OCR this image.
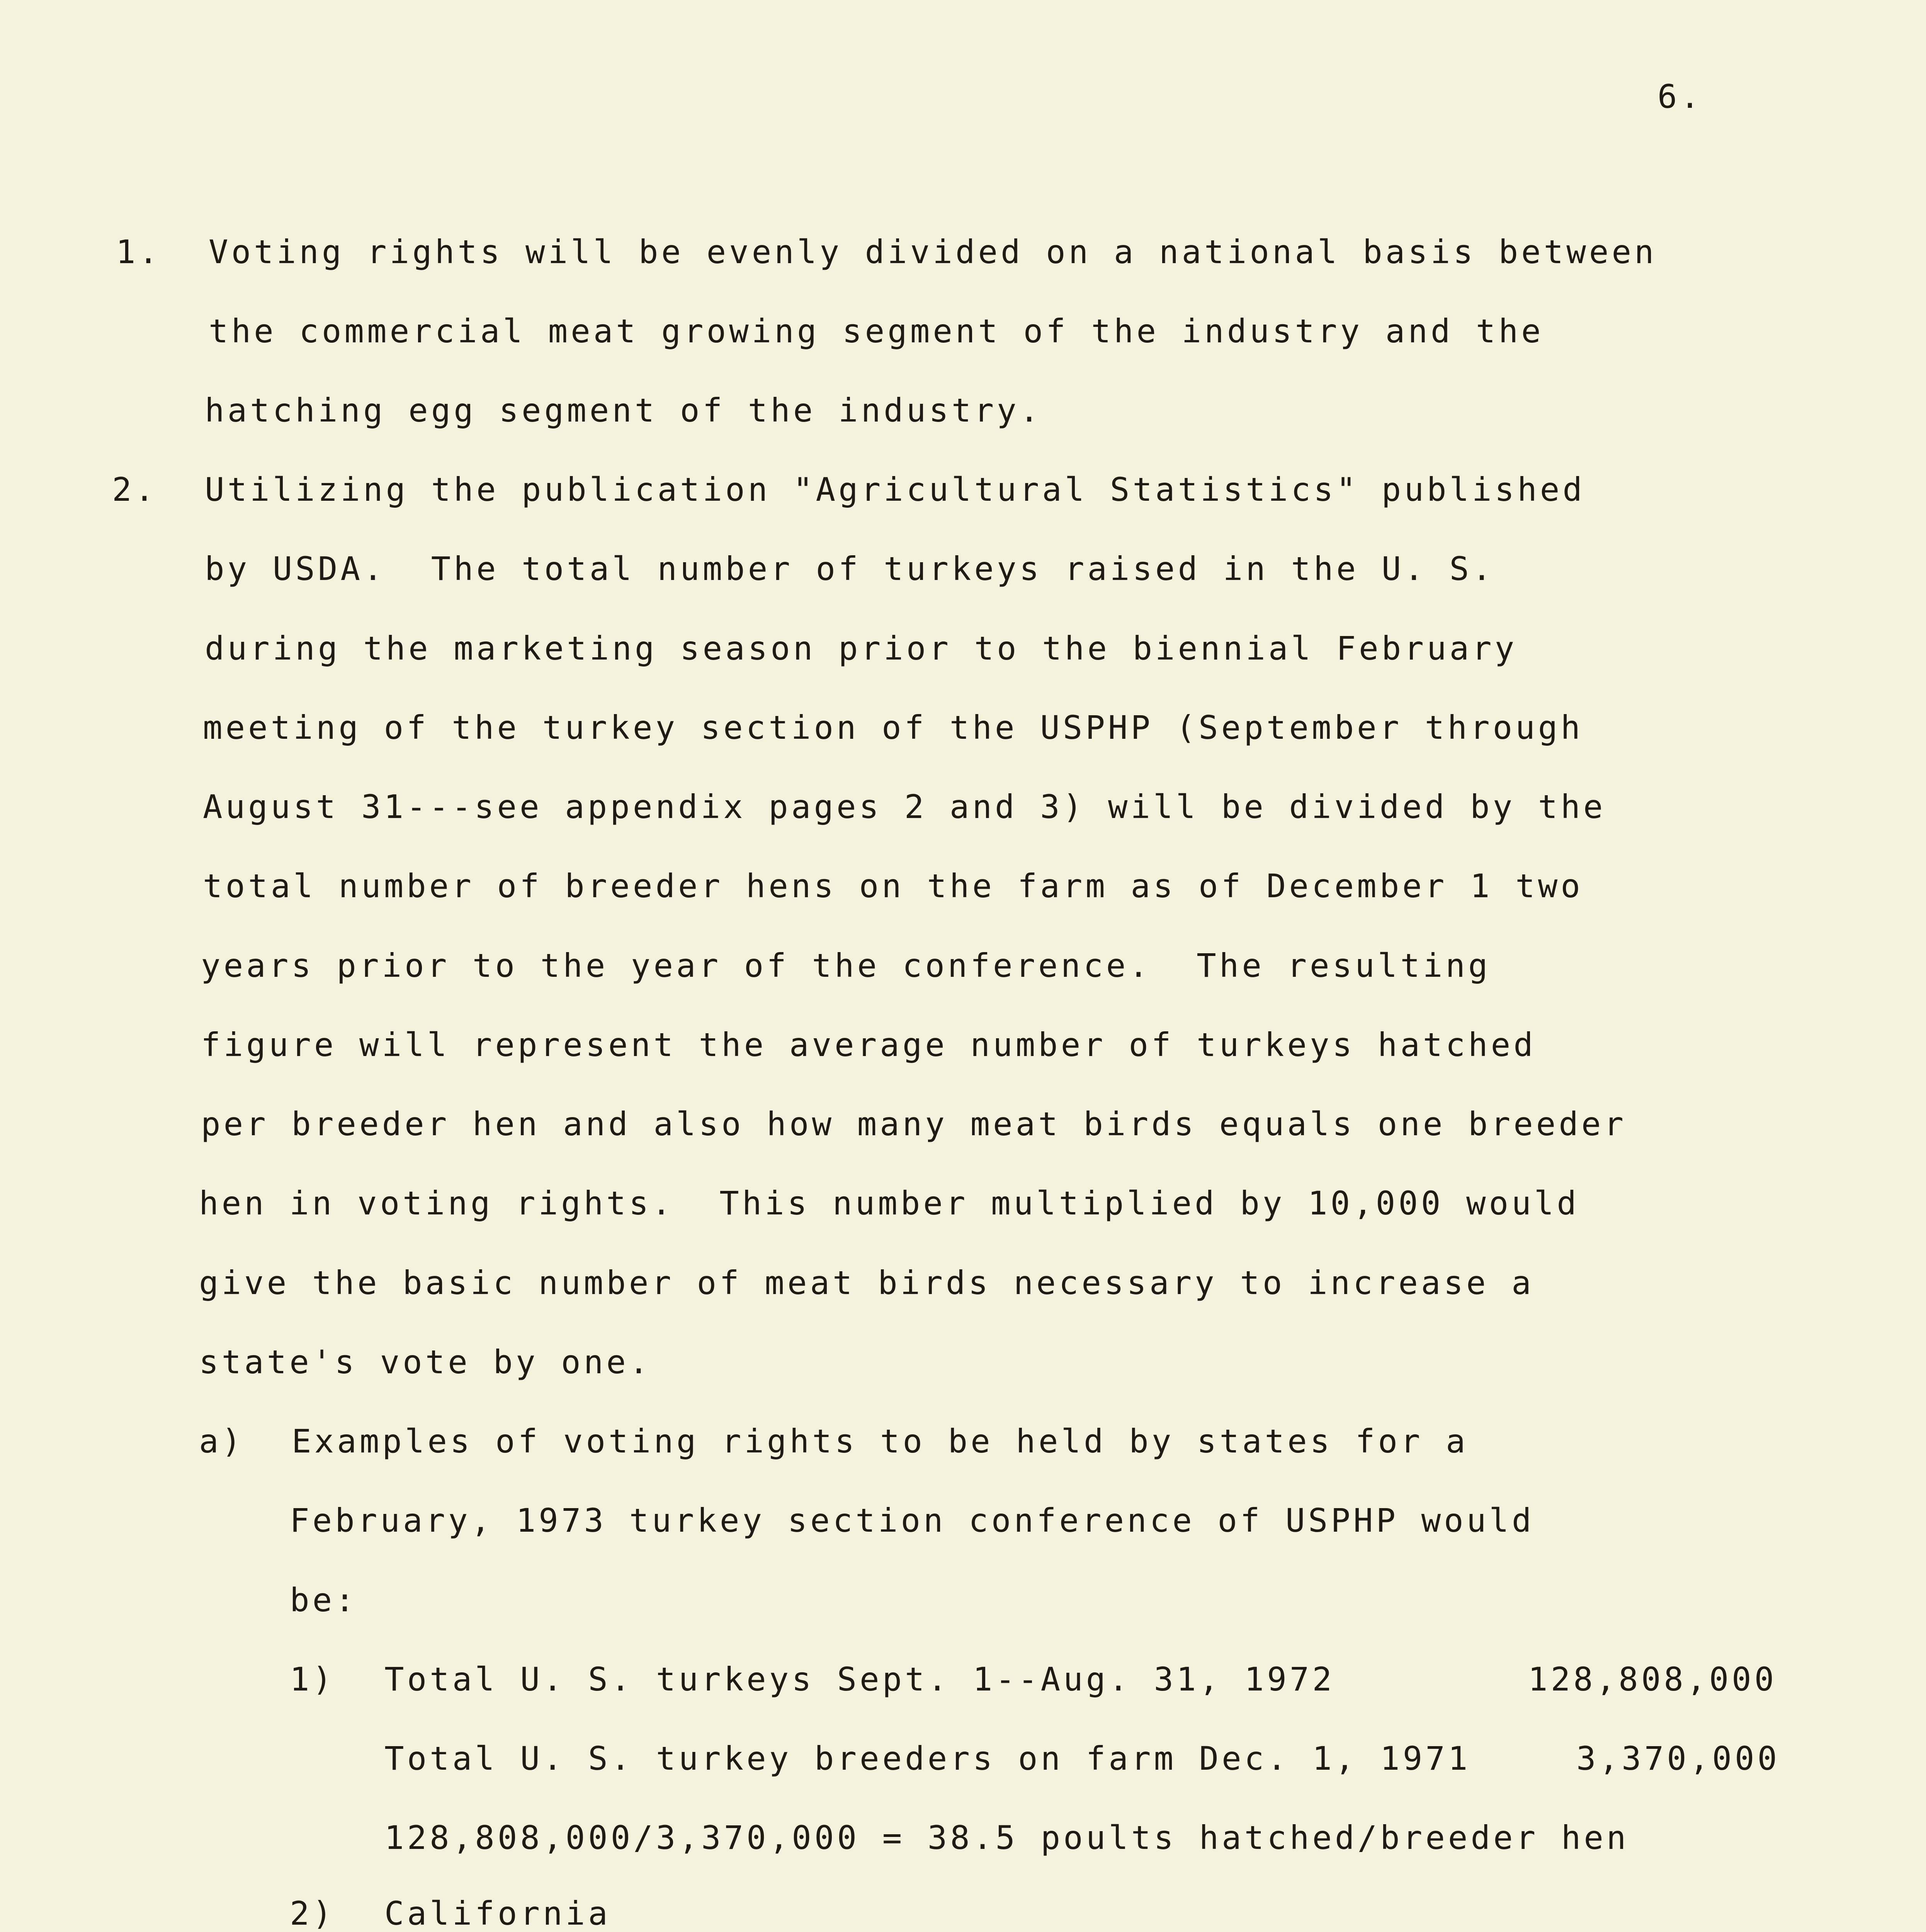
6.
1. Voting rights will be evenly divided on a national basis between
the commercial meat growing segment of the industry and the
hatching egg segment of the industry.
2. Utilizing the publication "Agricultural Statistics" published
by USDA.  The total number of turkeys raised in the U. S.
during the marketing season prior to the biennial February
meeting of the turkey section of the USPHP (September through
August 31---see appendix pages 2 and 3) will be divided by the
total number of breeder hens on the farm as of December 1 two
years prior to the year of the conference.  The resulting
figure will represent the average number of turkeys hatched
per breeder hen and also how many meat birds equals one breeder
hen in voting rights.  This number multiplied by 10,000 would
give the basic number of meat birds necessary to increase a
state's vote by one.
a) Examples of voting rights to be held by states for a
February, 1973 turkey section conference of USPHP would
be:
1) Total U. S. turkeys Sept. 1--Aug. 31, 1972	128,808,000
Total U. S. turkey breeders on farm Dec. 1, 1971	3,370,000
128,808,000/3,370,000 = 38.5 poults hatched/breeder hen
2) California
